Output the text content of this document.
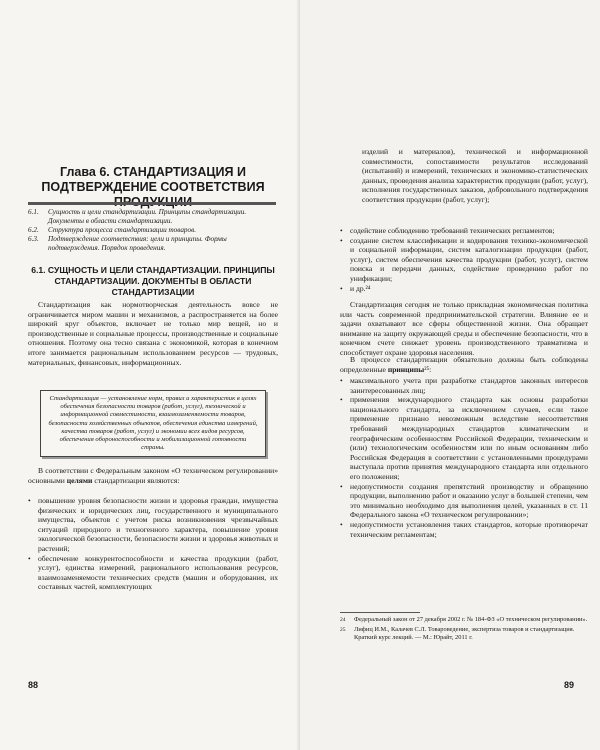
Глава 6. СТАНДАРТИЗАЦИЯ И ПОДТВЕРЖДЕНИЕ СООТВЕТСТВИЯ
6.1.	Сущность и цели стандартизации. Принципы стандартизации. Документы в области стандартизации.
6.2.	Структура процесса стандартизации товаров.
6.3.	Подтверждение соответствия: цели и принципы. Формы подтверждения. Порядок проведения.
6.1. СУЩНОСТЬ И ЦЕЛИ СТАНДАРТИЗАЦИИ. ПРИНЦИПЫ СТАНДАРТИЗАЦИИ. ДОКУМЕНТЫ В ОБЛАСТИ СТАНДАРТИЗАЦИИ

Стандартизация как нормотворческая деятельность вовсе не ограничивается миром машин и механизмов, а распространяется на более широкий круг объектов, включает не только мир вещей, но и производственные и социальные процессы, производственные и социальные отношения. Поэтому она тесно связана с экономикой, которая в конечном итоге занимается рациональным использованием ресурсов — трудовых, материальных, финансовых, информационных.

Стандартизация — установление норм, правил и характеристик в целях обеспечения безопасности товаров (работ, услуг), технической и информационной совместимости, взаимозаменяемости товаров, безопасности хозяйственных объектов, обеспечения единства измерений, качества товаров (работ, услуг) и экономии всех видов ресурсов, обеспечения обороноспособности и мобилизационной готовности страны.

В соответствии с Федеральным законом «О техническом регулировании» основными целями стандартизации являются:

• повышение уровня безопасности жизни и здоровья граждан, имущества физических и юридических лиц, государственного и муниципального имущества, объектов с учетом риска возникновения чрезвычайных ситуаций природного и техногенного характера, повышение уровня экологической безопасности, безопасности жизни и здоровья животных и растений;
• обеспечение конкурентоспособности и качества продукции (работ, услуг), единства измерений, рационального использования ресурсов, взаимозаменяемости технических средств (машин и оборудования, их составных частей, комплектующих
88

изделий и материалов), технической и информационной совместимости, сопоставимости результатов исследований (испытаний) и измерений, технических и экономико-статистических данных, проведения анализа характеристик продукции (работ, услуг), исполнения государственных заказов, добровольного подтверждения соответствия продукции (работ, услуг);

• содействие соблюдению требований технических регламентов;
• создание систем классификации и кодирования технико-экономической и социальной информации, систем каталогизации продукции (работ, услуг), систем обеспечения качества продукции (работ, услуг), систем поиска и передачи данных, содействие проведению работ по унификации;
• и др.²⁴

Стандартизация сегодня не только прикладная экономическая политика или часть современной предпринимательской стратегии. Влияние ее и задачи охватывают все сферы общественной жизни. Она обращает внимание на защиту окружающей среды и обеспечение безопасности, что в конечном счете снижает уровень производственного травматизма и способствует охране здоровья населения.

В процессе стандартизации обязательно должны быть соблюдены определенные принципы²⁵:

• максимального учета при разработке стандартов законных интересов заинтересованных лиц;
• применения международного стандарта как основы разработки национального стандарта, за исключением случаев, если такое применение признано невозможным вследствие несоответствия требований международных стандартов климатическим и географическим особенностям Российской Федерации, техническим и (или) технологическим особенностям или по иным основаниям либо Российская Федерация в соответствии с установленными процедурами выступала против принятия международного стандарта или отдельного его положения;
• недопустимости создания препятствий производству и обращению продукции, выполнению работ и оказанию услуг в большей степени, чем это минимально необходимо для выполнения целей, указанных в ст. 11 Федерального закона «О техническом регулировании»;
• недопустимости установления таких стандартов, которые противоречат техническим регламентам;
24	Федеральный закон от 27 декабря 2002 г. № 184-ФЗ «О техническом регулировании».
25	Лифиц И.М., Калачев С.Л. Товароведение, экспертиза товаров и стандартизация. Краткий курс лекций. — М.: Юрайт, 2011 г.
89
